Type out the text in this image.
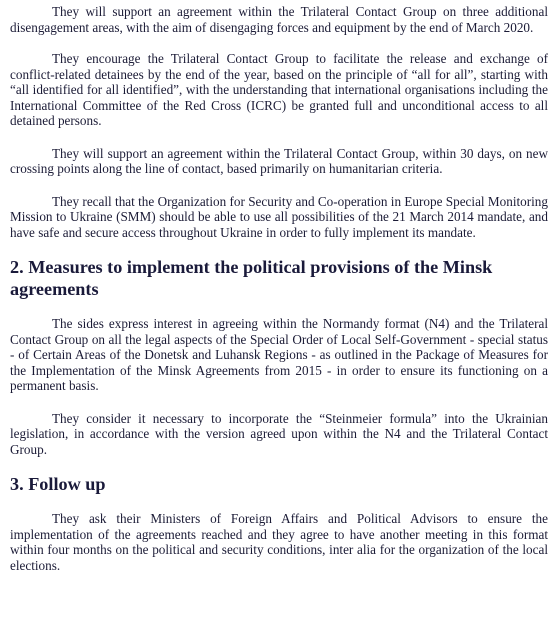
They will support an agreement within the Trilateral Contact Group on three additional disengagement areas, with the aim of disengaging forces and equipment by the end of March 2020.

They encourage the Trilateral Contact Group to facilitate the release and exchange of conflict-related detainees by the end of the year, based on the principle of “all for all”, starting with “all identified for all identified”, with the understanding that international organisations including the International Committee of the Red Cross (ICRC) be granted full and unconditional access to all detained persons.

They will support an agreement within the Trilateral Contact Group, within 30 days, on new crossing points along the line of contact, based primarily on humanitarian criteria.

They recall that the Organization for Security and Co-operation in Europe Special Monitoring Mission to Ukraine (SMM) should be able to use all possibilities of the 21 March 2014 mandate, and have safe and secure access throughout Ukraine in order to fully implement its mandate.

2. Measures to implement the political provisions of the Minsk agreements

The sides express interest in agreeing within the Normandy format (N4) and the Trilateral Contact Group on all the legal aspects of the Special Order of Local Self-Government - special status - of Certain Areas of the Donetsk and Luhansk Regions - as outlined in the Package of Measures for the Implementation of the Minsk Agreements from 2015 - in order to ensure its functioning on a permanent basis.

They consider it necessary to incorporate the “Steinmeier formula” into the Ukrainian legislation, in accordance with the version agreed upon within the N4 and the Trilateral Contact Group.

3. Follow up

They ask their Ministers of Foreign Affairs and Political Advisors to ensure the implementation of the agreements reached and they agree to have another meeting in this format within four months on the political and security conditions, inter alia for the organization of the local elections.
